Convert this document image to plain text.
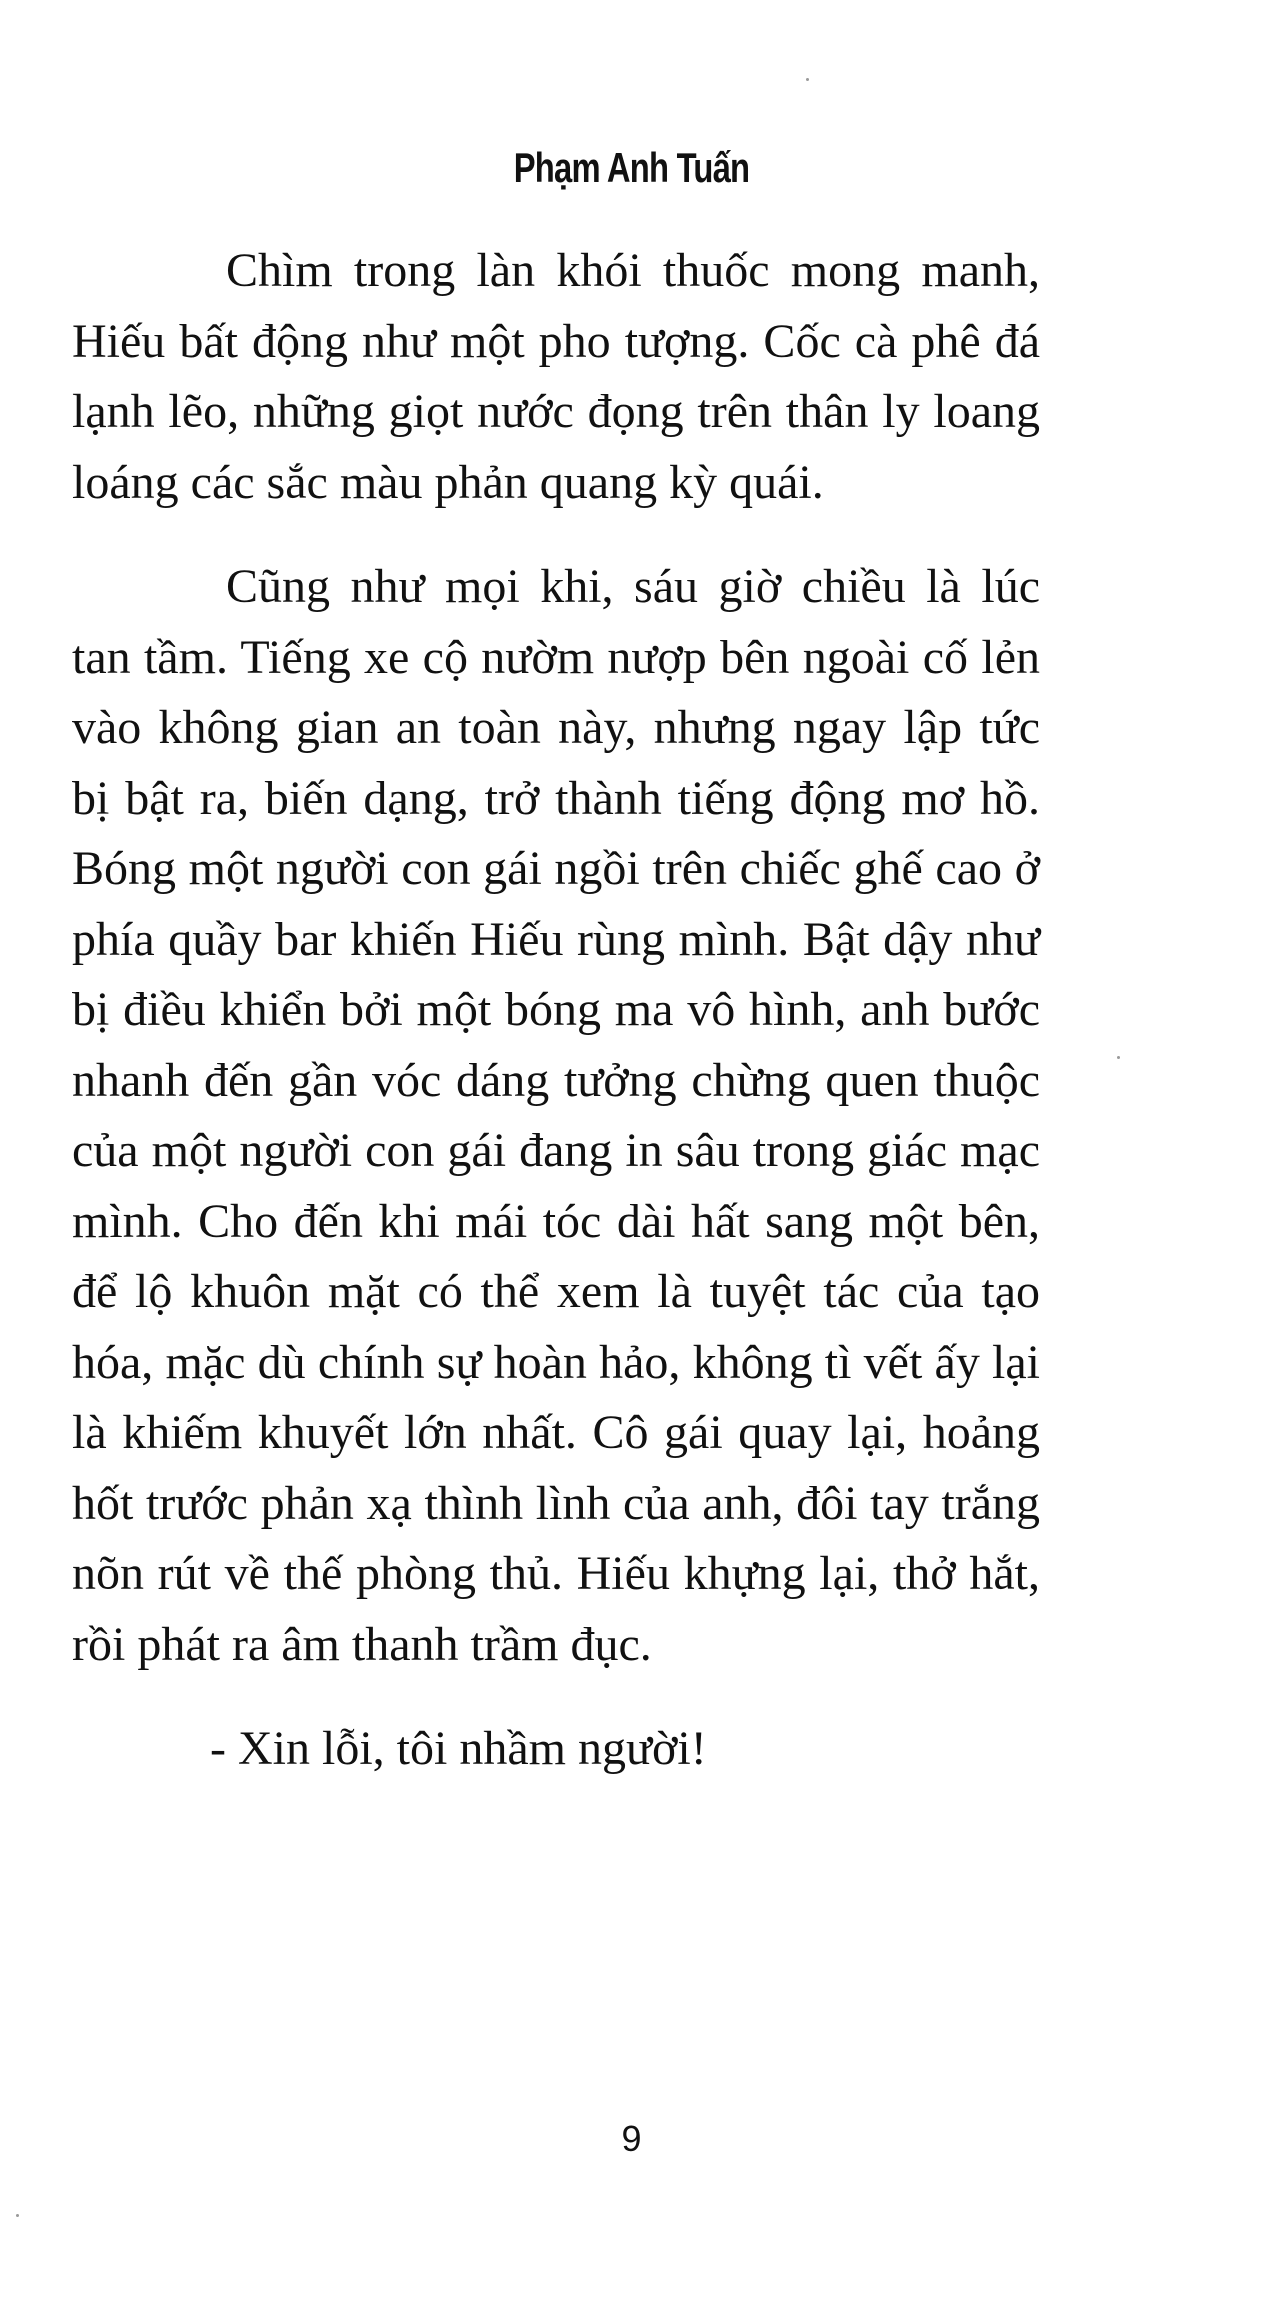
Phạm Anh Tuấn

Chìm trong làn khói thuốc mong manh, Hiếu bất động như một pho tượng. Cốc cà phê đá lạnh lẽo, những giọt nước đọng trên thân ly loang loáng các sắc màu phản quang kỳ quái.

Cũng như mọi khi, sáu giờ chiều là lúc tan tầm. Tiếng xe cộ nườm nượp bên ngoài cố lẻn vào không gian an toàn này, nhưng ngay lập tức bị bật ra, biến dạng, trở thành tiếng động mơ hồ. Bóng một người con gái ngồi trên chiếc ghế cao ở phía quầy bar khiến Hiếu rùng mình. Bật dậy như bị điều khiển bởi một bóng ma vô hình, anh bước nhanh đến gần vóc dáng tưởng chừng quen thuộc của một người con gái đang in sâu trong giác mạc mình. Cho đến khi mái tóc dài hất sang một bên, để lộ khuôn mặt có thể xem là tuyệt tác của tạo hóa, mặc dù chính sự hoàn hảo, không tì vết ấy lại là khiếm khuyết lớn nhất. Cô gái quay lại, hoảng hốt trước phản xạ thình lình của anh, đôi tay trắng nõn rút về thế phòng thủ. Hiếu khựng lại, thở hắt, rồi phát ra âm thanh trầm đục.

- Xin lỗi, tôi nhầm người!

9
